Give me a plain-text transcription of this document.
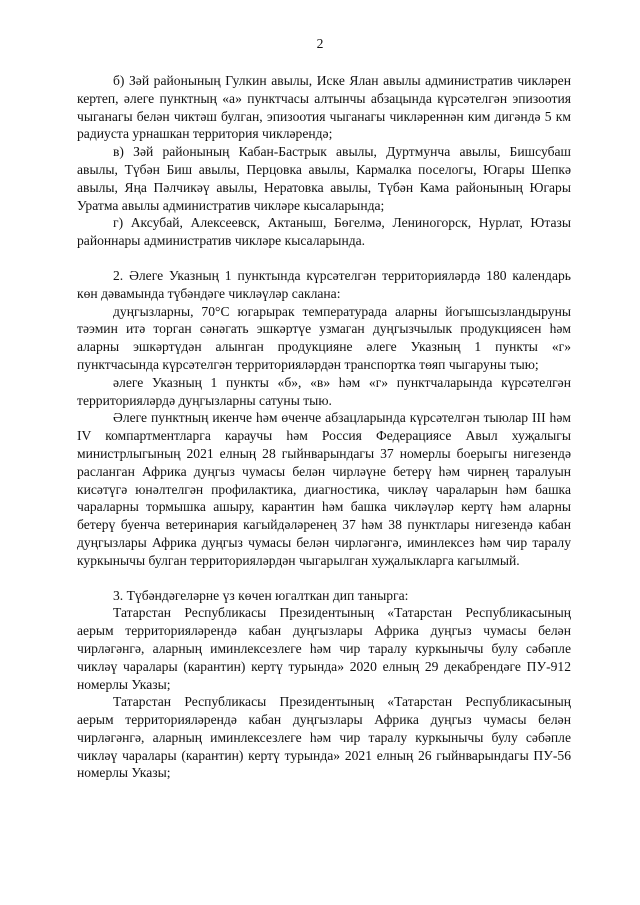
2

б) Зәй районының Гулкин авылы, Иске Ялан авылы административ чикләрен кертеп, әлеге пунктның «а» пунктчасы алтынчы абзацында күрсәтелгән эпизоотия чыганагы белән чиктәш булган, эпизоотия чыганагы чикләреннән ким дигәндә 5 км радиуста урнашкан территория чикләрендә;

в) Зәй районының Кабан-Бастрык авылы, Дуртмунча авылы, Бишсубаш авылы, Түбән Биш авылы, Перцовка авылы, Кармалка поселогы, Югары Шепкә авылы, Яңа Пәлчикәү авылы, Нератовка авылы, Түбән Кама районының Югары Уратма авылы административ чикләре кысаларында;

г) Аксубай, Алексеевск, Актаныш, Бөгелмә, Лениногорск, Нурлат, Ютазы районнары административ чикләре кысаларында.

2. Әлеге Указның 1 пунктында күрсәтелгән территорияләрдә 180 календарь көн дәвамында түбәндәге чикләүләр саклана:

дуңгызларны, 70°С югарырак температурада аларны йогышсызландыруны тәэмин итә торган сәнәгать эшкәртүе узмаган дуңгызчылык продукциясен һәм аларны эшкәртүдән алынган продукцияне әлеге Указның 1 пункты «г» пунктчасында күрсәтелгән территорияләрдән транспортка төяп чыгаруны тыю;

әлеге Указның 1 пункты «б», «в» һәм «г» пунктчаларында күрсәтелгән территорияләрдә дуңгызларны сатуны тыю.

Әлеге пунктның икенче һәм өченче абзацларында күрсәтелгән тыюлар III һәм IV компартментларга караучы һәм Россия Федерациясе Авыл хуҗалыгы министрлыгының 2021 елның 28 гыйнварындагы 37 номерлы боерыгы нигезендә расланган Африка дуңгыз чумасы белән чирләүне бетерү һәм чирнең таралуын кисәтүгә юнәлтелгән профилактика, диагностика, чикләү чараларын һәм башка чараларны тормышка ашыру, карантин һәм башка чикләүләр кертү һәм аларны бетерү буенча ветеринария кагыйдәләренең 37 һәм 38 пунктлары нигезендә кабан дуңгызлары Африка дуңгыз чумасы белән чирләгәнгә, иминлексез һәм чир таралу куркынычы булган территорияләрдән чыгарылган хуҗалыкларга кагылмый.

3. Түбәндәгеләрне үз көчен югалткан дип танырга:

Татарстан Республикасы Президентының «Татарстан Республикасының аерым территорияләрендә кабан дуңгызлары Африка дуңгыз чумасы белән чирләгәнгә, аларның иминлексезлеге һәм чир таралу куркынычы булу сәбәпле чикләү чаралары (карантин) кертү турында» 2020 елның 29 декабрендәге ПУ-912 номерлы Указы;

Татарстан Республикасы Президентының «Татарстан Республикасының аерым территорияләрендә кабан дуңгызлары Африка дуңгыз чумасы белән чирләгәнгә, аларның иминлексезлеге һәм чир таралу куркынычы булу сәбәпле чикләү чаралары (карантин) кертү турында» 2021 елның 26 гыйнварындагы ПУ-56 номерлы Указы;
